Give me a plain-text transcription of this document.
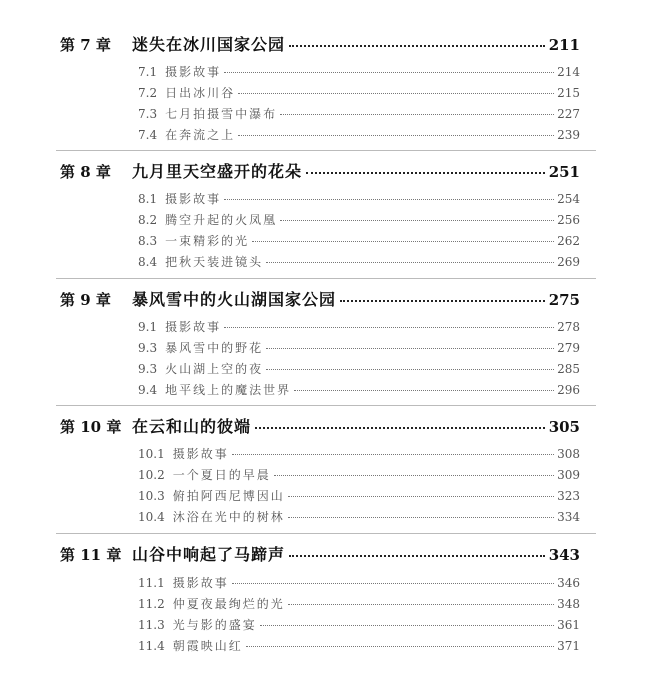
第 7 章	迷失在冰川国家公园	211
7.1 摄影故事	214
7.2 日出冰川谷	215
7.3 七月拍摄雪中瀑布	227
7.4 在奔流之上	239
第 8 章	九月里天空盛开的花朵	251
8.1 摄影故事	254
8.2 腾空升起的火凤凰	256
8.3 一束精彩的光	262
8.4 把秋天装进镜头	269
第 9 章	暴风雪中的火山湖国家公园	275
9.1 摄影故事	278
9.3 暴风雪中的野花	279
9.3 火山湖上空的夜	285
9.4 地平线上的魔法世界	296
第 10 章 在云和山的彼端	305
10.1 摄影故事	308
10.2 一个夏日的早晨	309
10.3 俯拍阿西尼博因山	323
10.4 沐浴在光中的树林	334
第 11 章 山谷中响起了马蹄声	343
11.1 摄影故事	346
11.2 仲夏夜最绚烂的光	348
11.3 光与影的盛宴	361
11.4 朝霞映山红	371
